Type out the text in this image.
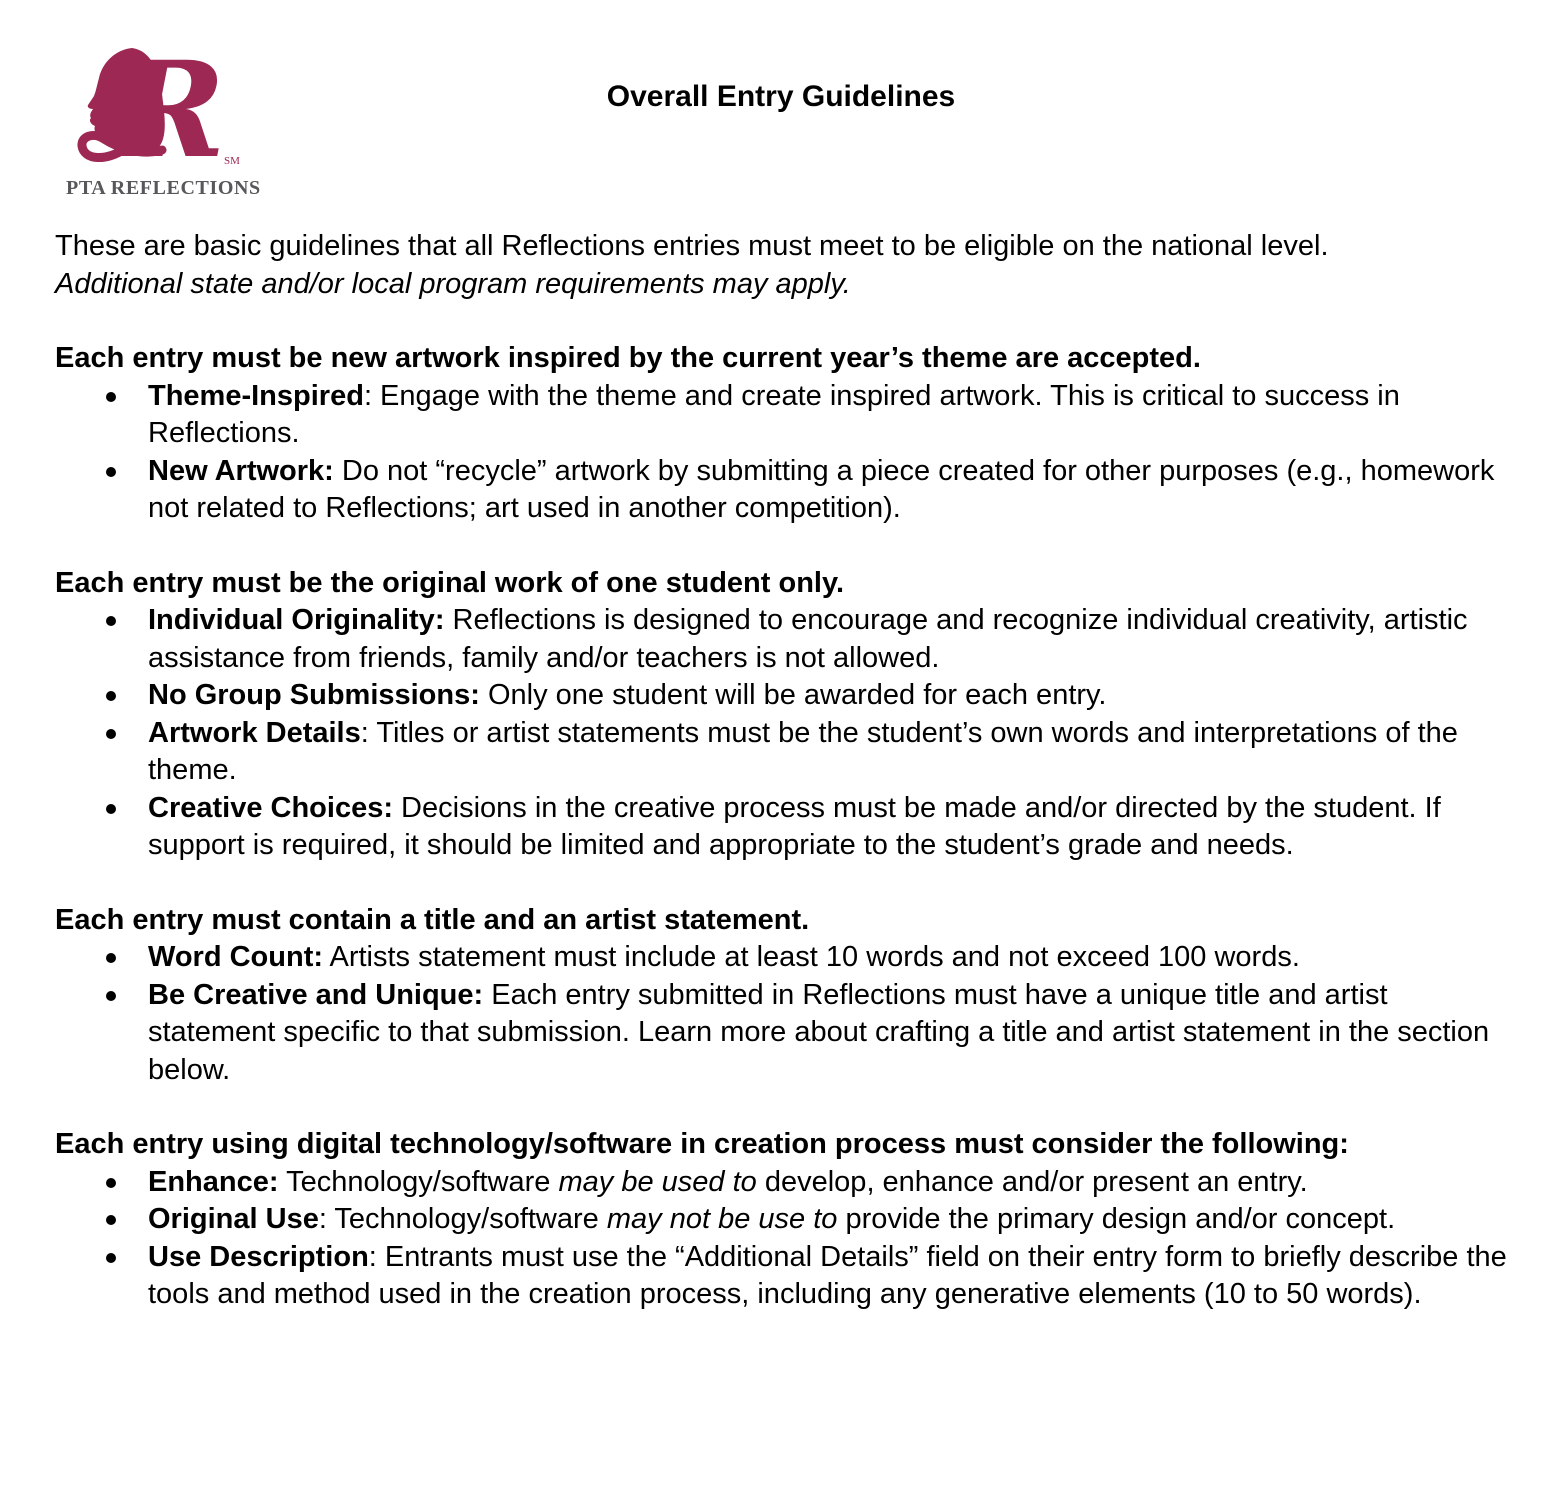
R
SM
PTA REFLECTIONS
Overall Entry Guidelines

These are basic guidelines that all Reflections entries must meet to be eligible on the national level.
Additional state and/or local program requirements may apply.

Each entry must be new artwork inspired by the current year’s theme are accepted.
Theme-Inspired: Engage with the theme and create inspired artwork. This is critical to success in Reflections.
New Artwork: Do not “recycle” artwork by submitting a piece created for other purposes (e.g., homework not related to Reflections; art used in another competition).
Each entry must be the original work of one student only.
Individual Originality: Reflections is designed to encourage and recognize individual creativity, artistic assistance from friends, family and/or teachers is not allowed.
No Group Submissions: Only one student will be awarded for each entry.
Artwork Details: Titles or artist statements must be the student’s own words and interpretations of the theme.
Creative Choices: Decisions in the creative process must be made and/or directed by the student. If support is required, it should be limited and appropriate to the student’s grade and needs.
Each entry must contain a title and an artist statement.
Word Count: Artists statement must include at least 10 words and not exceed 100 words.
Be Creative and Unique: Each entry submitted in Reflections must have a unique title and artist statement specific to that submission. Learn more about crafting a title and artist statement in the section below.
Each entry using digital technology/software in creation process must consider the following:
Enhance: Technology/software may be used to develop, enhance and/or present an entry.
Original Use: Technology/software may not be use to provide the primary design and/or concept.
Use Description: Entrants must use the “Additional Details” field on their entry form to briefly describe the tools and method used in the creation process, including any generative elements (10 to 50 words).
